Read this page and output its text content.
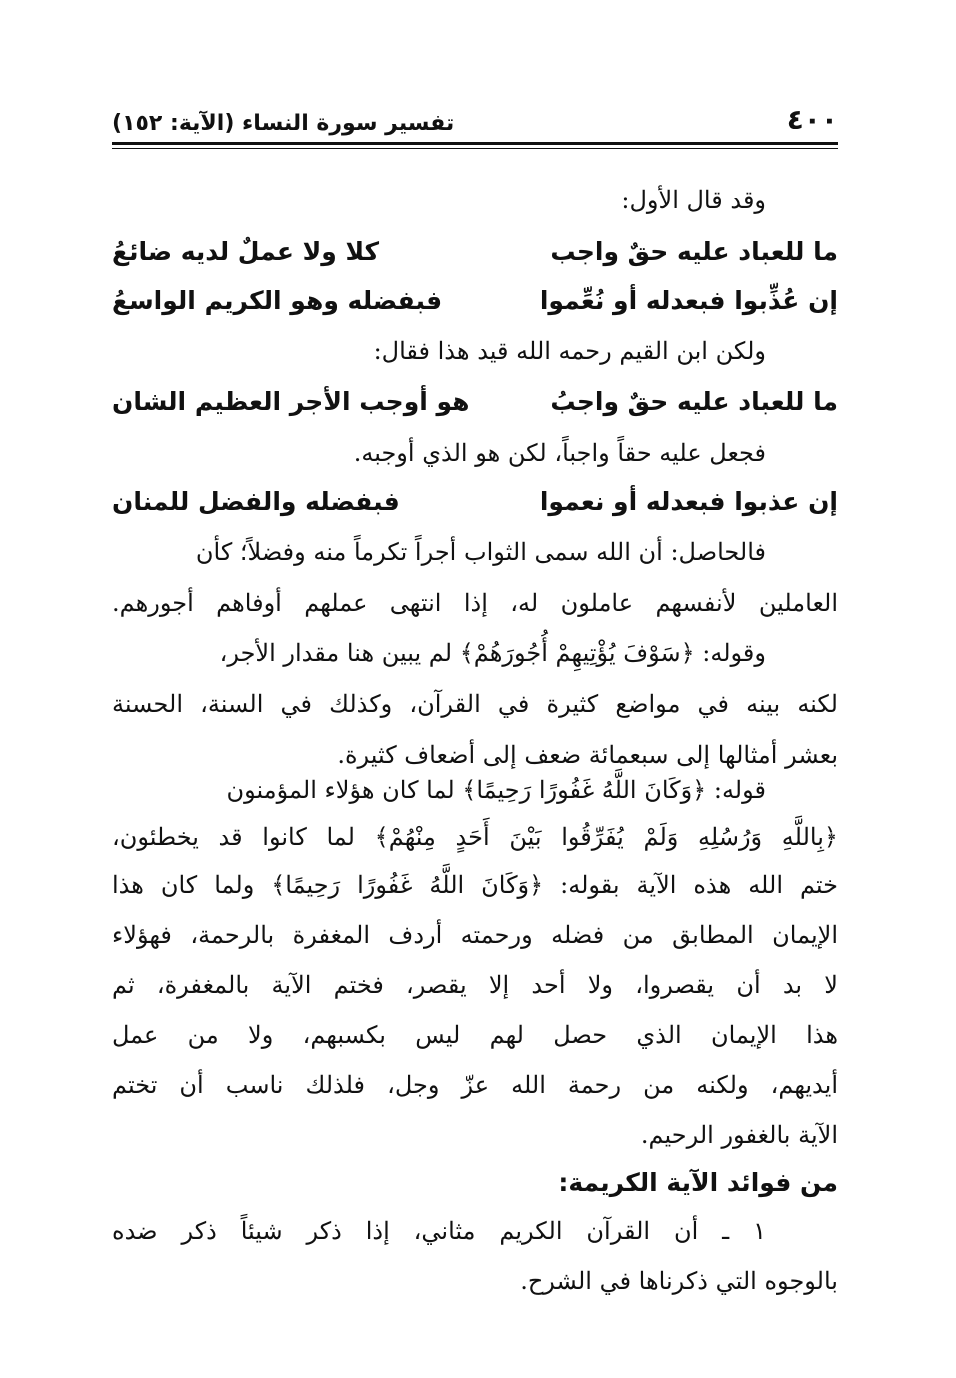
٤٠٠
تفسير سورة النساء (الآية: ١٥٢)
وقد قال الأول:
ما للعباد عليه حقٌ واجب
كلا ولا عملٌ لديه ضائعُ
إن عُذِّبوا فبعدله أو نُعِّموا
فبفضله وهو الكريم الواسعُ
ولكن ابن القيم رحمه الله قيد هذا فقال:
ما للعباد عليه حقٌ واجبُ
هو أوجب الأجر العظيم الشان
فجعل عليه حقاً واجباً، لكن هو الذي أوجبه.
إن عذبوا فبعدله أو نعموا
فبفضله والفضل للمنان
فالحاصل: أن الله سمى الثواب أجراً تكرماً منه وفضلاً؛ كأن
العاملين لأنفسهم عاملون له، إذا انتهى عملهم أوفاهم أجورهم.
وقوله: ﴿سَوْفَ يُؤْتِيهِمْ أُجُورَهُمْ﴾ لم يبين هنا مقدار الأجر،
لكنه بينه في مواضع كثيرة في القرآن، وكذلك في السنة، الحسنة
بعشر أمثالها إلى سبعمائة ضعف إلى أضعاف كثيرة.
قوله: ﴿وَكَانَ اللَّهُ غَفُورًا رَحِيمًا﴾ لما كان هؤلاء المؤمنون
﴿بِاللَّهِ وَرُسُلِهِ وَلَمْ يُفَرِّقُوا بَيْنَ أَحَدٍ مِنْهُمْ﴾ لما كانوا قد يخطئون،
ختم الله هذه الآية بقوله: ﴿وَكَانَ اللَّهُ غَفُورًا رَحِيمًا﴾ ولما كان هذا
الإيمان المطابق من فضله ورحمته أردف المغفرة بالرحمة، فهؤلاء
لا بد أن يقصروا، ولا أحد إلا يقصر، فختم الآية بالمغفرة، ثم
هذا الإيمان الذي حصل لهم ليس بكسبهم، ولا من عمل
أيديهم، ولكنه من رحمة الله عزّ وجل، فلذلك ناسب أن تختم
الآية بالغفور الرحيم.
من فوائد الآية الكريمة:
١ ـ أن القرآن الكريم مثاني، إذا ذكر شيئاً ذكر ضده
بالوجوه التي ذكرناها في الشرح.
